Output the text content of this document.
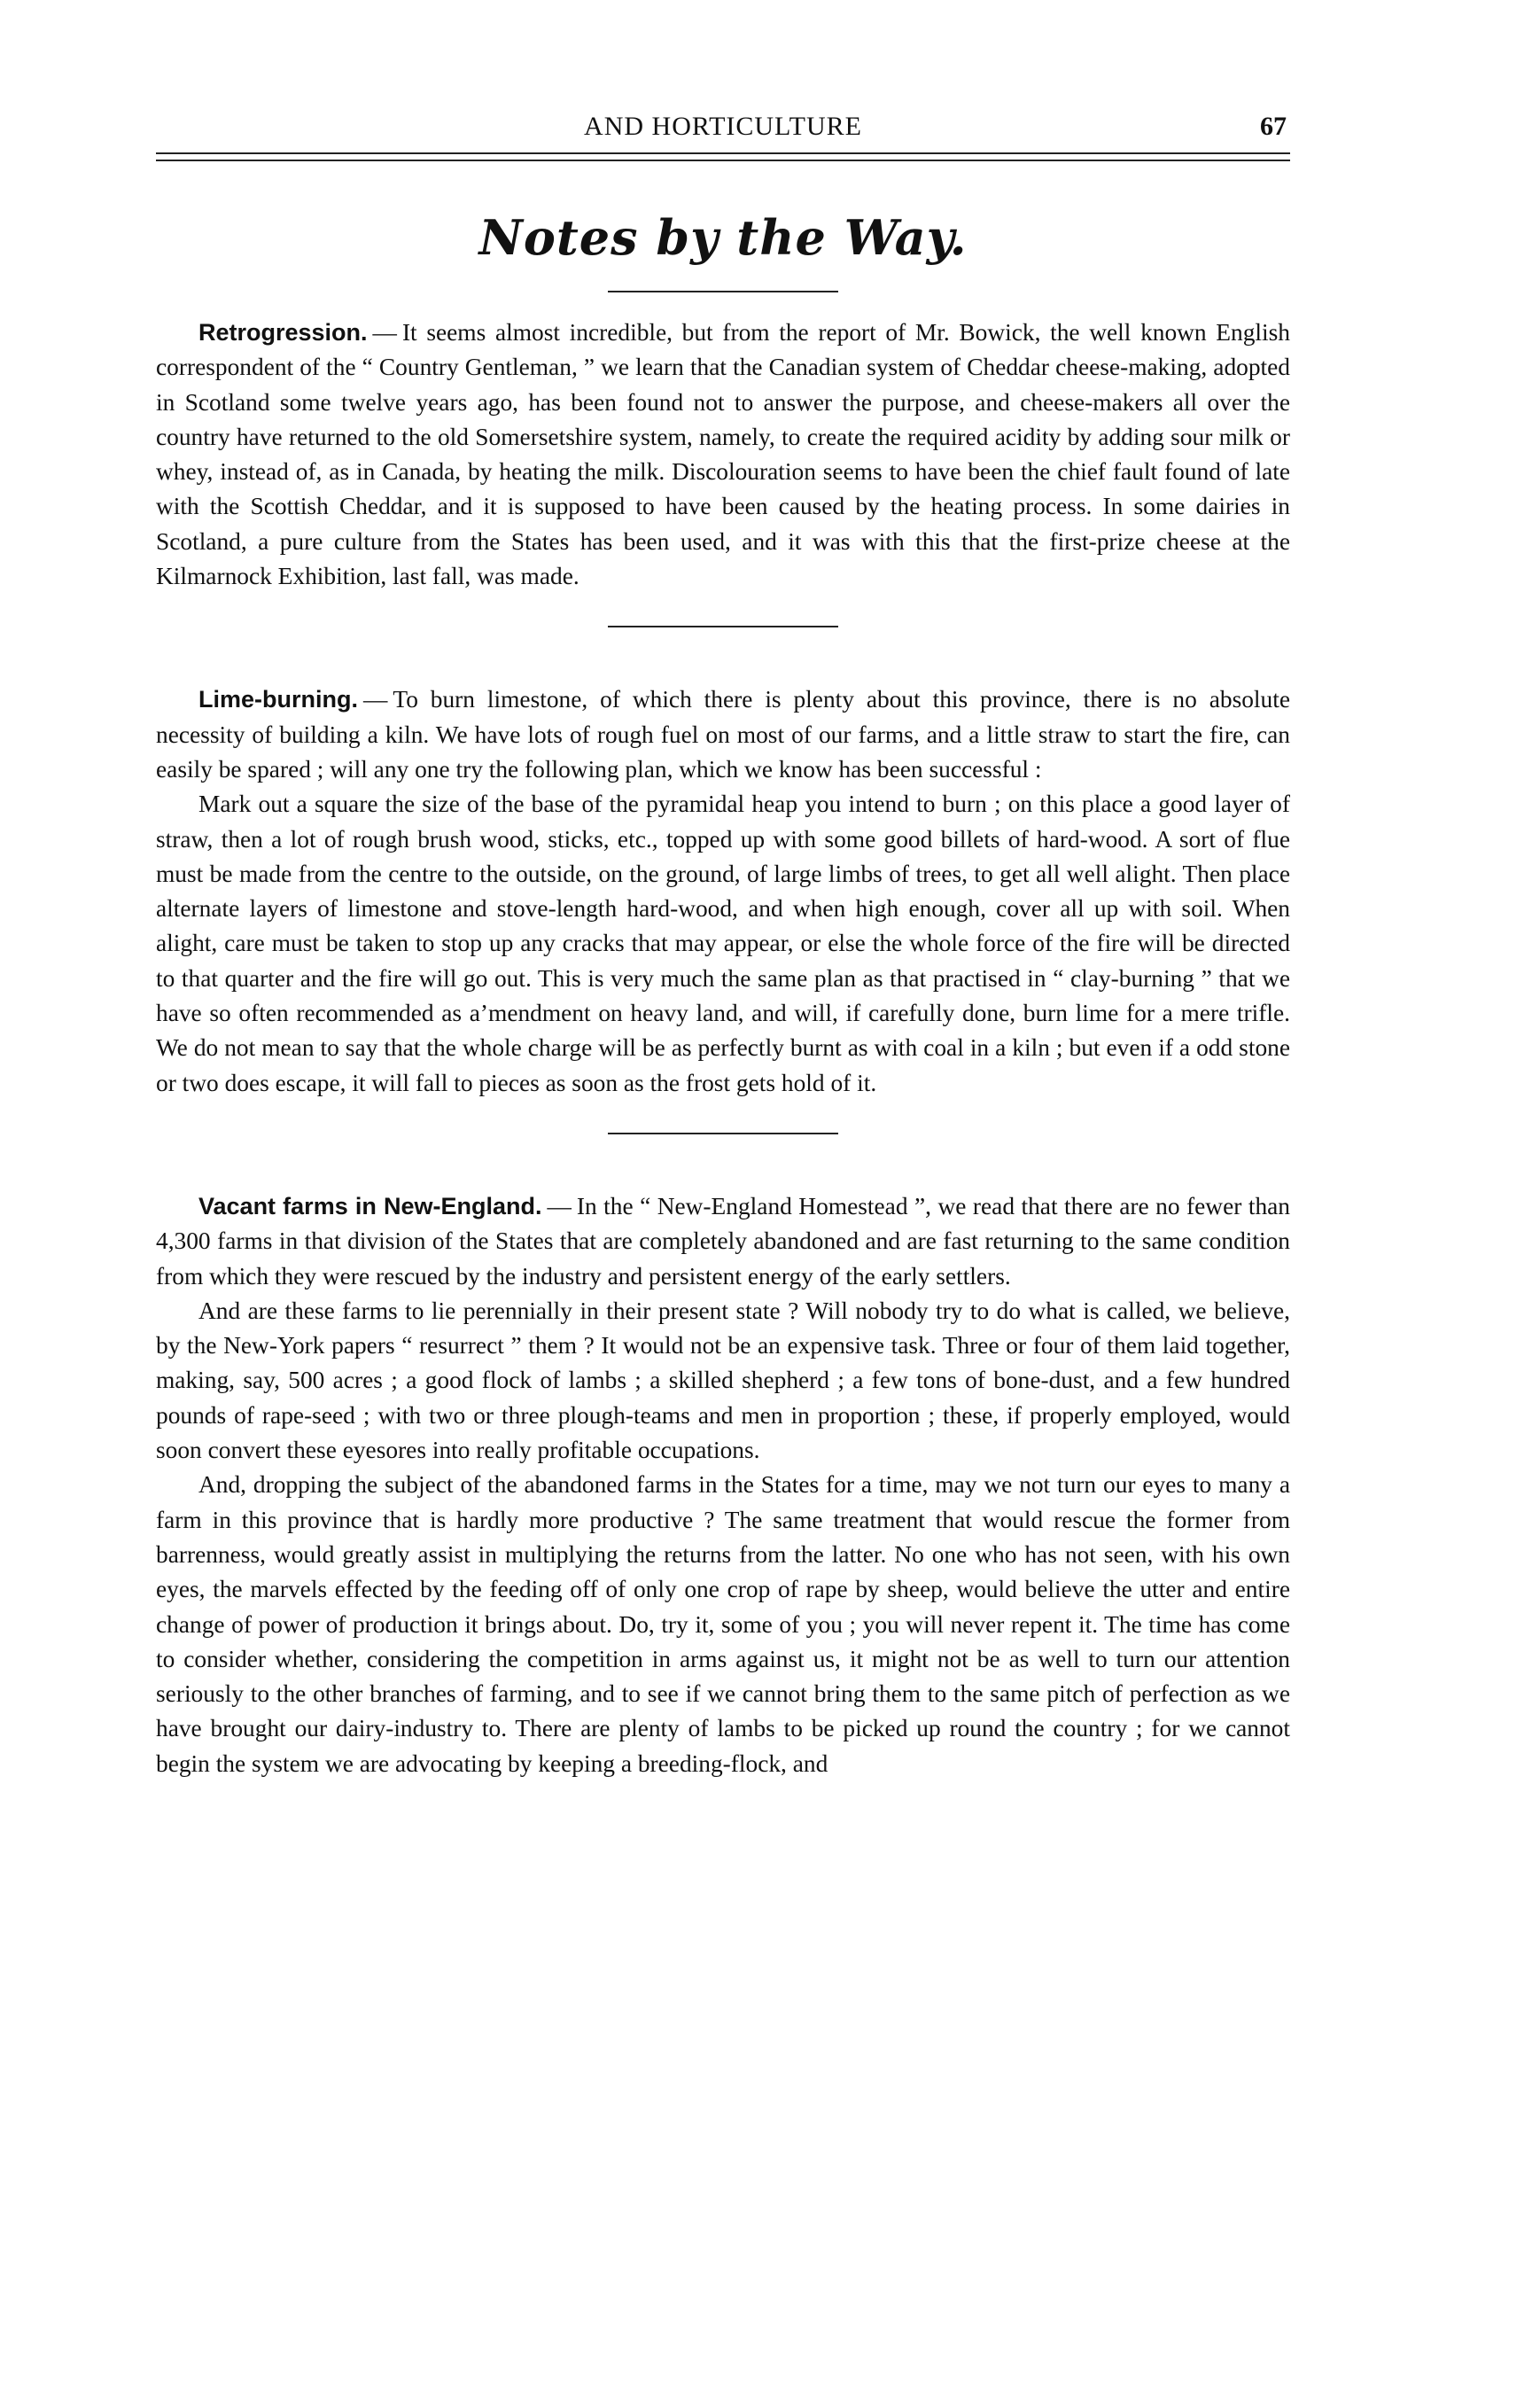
AND HORTICULTURE	67
Notes by the Way.

Retrogression. — It seems almost incredible, but from the report of Mr. Bowick, the well known English correspondent of the “ Country Gentleman, ” we learn that the Canadian system of Cheddar cheese-making, adopted in Scotland some twelve years ago, has been found not to answer the purpose, and cheese-makers all over the country have returned to the old Somersetshire system, namely, to create the required acidity by adding sour milk or whey, instead of, as in Canada, by heating the milk. Discolouration seems to have been the chief fault found of late with the Scottish Cheddar, and it is supposed to have been caused by the heating process. In some dairies in Scotland, a pure culture from the States has been used, and it was with this that the first-prize cheese at the Kilmarnock Exhibition, last fall, was made.

Lime-burning. — To burn limestone, of which there is plenty about this province, there is no absolute necessity of building a kiln. We have lots of rough fuel on most of our farms, and a little straw to start the fire, can easily be spared ; will any one try the following plan, which we know has been successful :

Mark out a square the size of the base of the pyramidal heap you intend to burn ; on this place a good layer of straw, then a lot of rough brush wood, sticks, etc., topped up with some good billets of hard-wood. A sort of flue must be made from the centre to the outside, on the ground, of large limbs of trees, to get all well alight. Then place alternate layers of limestone and stove-length hard-wood, and when high enough, cover all up with soil. When alight, care must be taken to stop up any cracks that may appear, or else the whole force of the fire will be directed to that quarter and the fire will go out. This is very much the same plan as that practised in “ clay-burning ” that we have so often recommended as a’mendment on heavy land, and will, if carefully done, burn lime for a mere trifle. We do not mean to say that the whole charge will be as perfectly burnt as with coal in a kiln ; but even if a odd stone or two does escape, it will fall to pieces as soon as the frost gets hold of it.

Vacant farms in New-England. — In the “ New-England Homestead ”, we read that there are no fewer than 4,300 farms in that division of the States that are completely abandoned and are fast returning to the same condition from which they were rescued by the industry and persistent energy of the early settlers.

And are these farms to lie perennially in their present state ? Will nobody try to do what is called, we believe, by the New-York papers “ resurrect ” them ? It would not be an expensive task. Three or four of them laid together, making, say, 500 acres ; a good flock of lambs ; a skilled shepherd ; a few tons of bone-dust, and a few hundred pounds of rape-seed ; with two or three plough-teams and men in proportion ; these, if properly employed, would soon convert these eyesores into really profitable occupations.

And, dropping the subject of the abandoned farms in the States for a time, may we not turn our eyes to many a farm in this province that is hardly more productive ? The same treatment that would rescue the former from barrenness, would greatly assist in multiplying the returns from the latter. No one who has not seen, with his own eyes, the marvels effected by the feeding off of only one crop of rape by sheep, would believe the utter and entire change of power of production it brings about. Do, try it, some of you ; you will never repent it. The time has come to consider whether, considering the competition in arms against us, it might not be as well to turn our attention seriously to the other branches of farming, and to see if we cannot bring them to the same pitch of perfection as we have brought our dairy-industry to. There are plenty of lambs to be picked up round the country ; for we cannot begin the system we are advocating by keeping a breeding-flock, and
